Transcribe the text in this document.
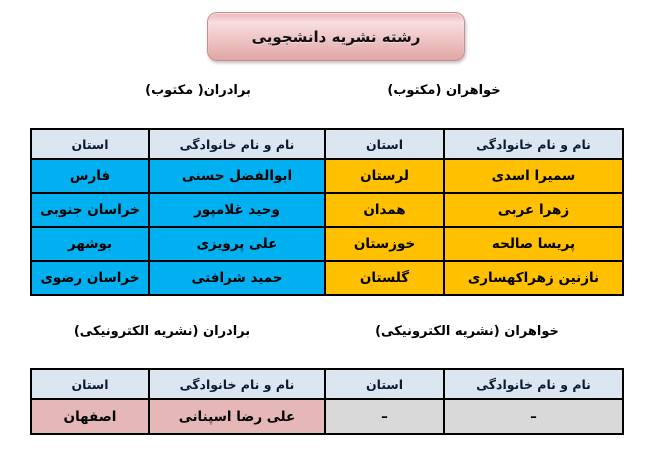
رشته نشریه دانشجویی
خواهران (مکتوب)
برادران( مکتوب)
نام و نام خانوادگی	استان	نام و نام خانوادگی	استان
سمیرا اسدی	لرستان	ابوالفضل حسنی	فارس
زهرا عربی	همدان	وحید غلامپور	خراسان جنوبی
پریسا صالحه	خوزستان	علی پرویزی	بوشهر
نازنین زهراکهساری	گلستان	حمید شرافتی	خراسان رضوی
خواهران (نشریه الکترونیکی)
برادران (نشریه الکترونیکی)
نام و نام خانوادگی	استان	نام و نام خانوادگی	استان
–	–	علی رضا اسپنانی	اصفهان
